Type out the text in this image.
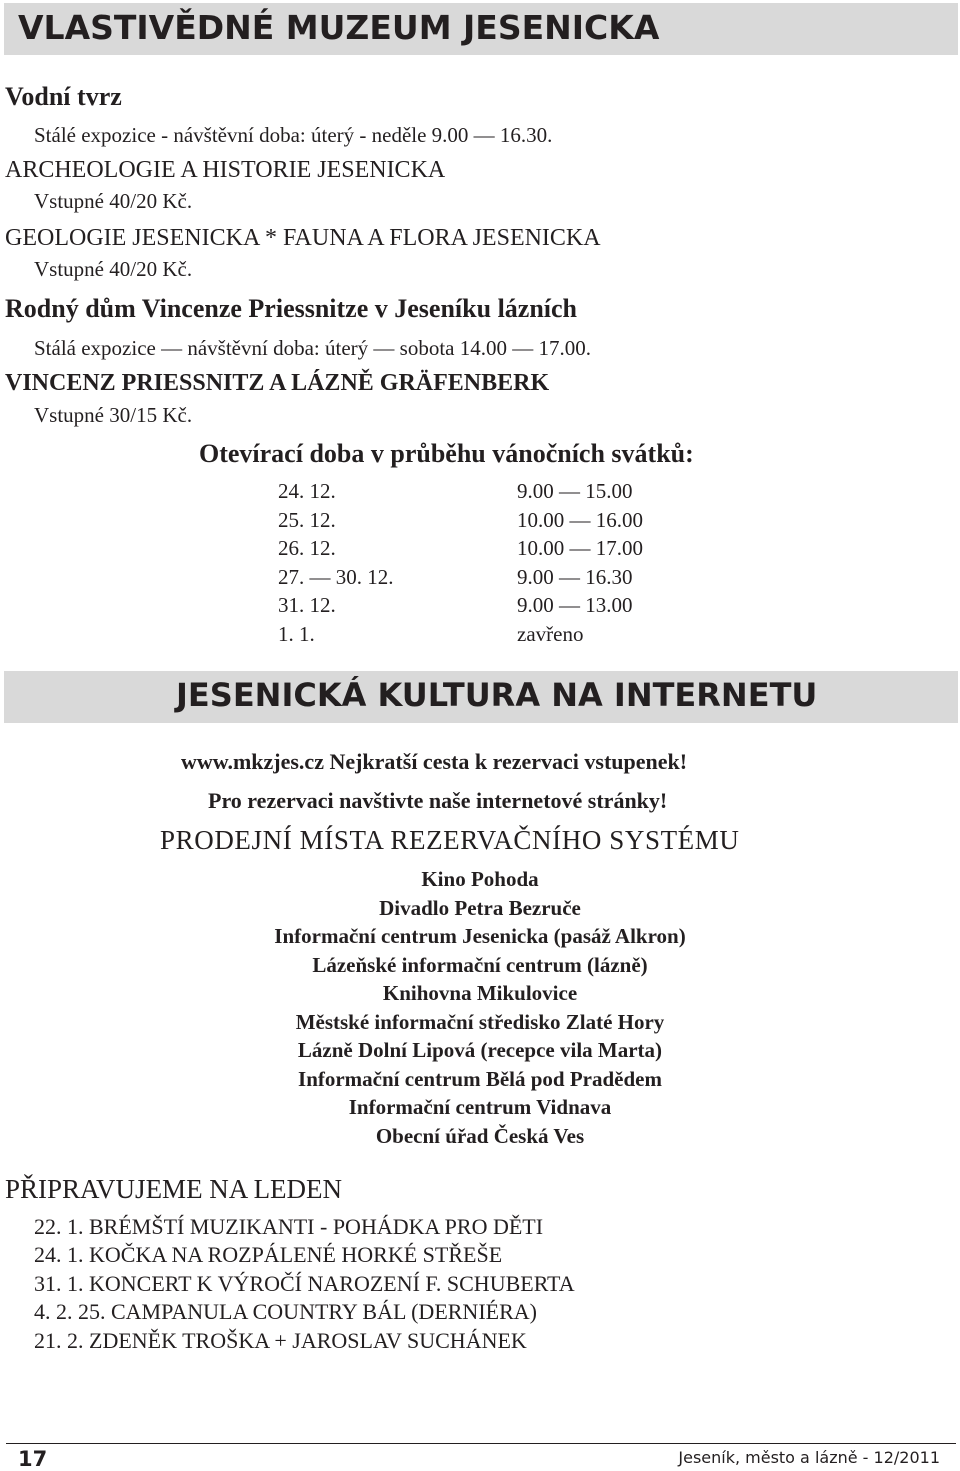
VLASTIVĚDNÉ MUZEUM JESENICKA
Vodní tvrz
Stálé expozice - návštěvní doba: úterý - neděle 9.00 — 16.30.
ARCHEOLOGIE A HISTORIE JESENICKA
Vstupné 40/20 Kč.
GEOLOGIE JESENICKA * FAUNA A FLORA JESENICKA
Vstupné 40/20 Kč.
Rodný dům Vincenze Priessnitze v Jeseníku lázních
Stálá expozice — návštěvní doba: úterý — sobota 14.00 — 17.00.
VINCENZ PRIESSNITZ A LÁZNĚ GRÄFENBERK
Vstupné 30/15 Kč.
Otevírací doba v průběhu vánočních svátků:
24. 12.	9.00 — 15.00
25. 12.	10.00 — 16.00
26. 12.	10.00 — 17.00
27. — 30. 12.	9.00 — 16.30
31. 12.	9.00 — 13.00
1. 1.	zavřeno
JESENICKÁ KULTURA NA INTERNETU
www.mkzjes.cz Nejkratší cesta k rezervaci vstupenek!
Pro rezervaci navštivte naše internetové stránky!
PRODEJNÍ MÍSTA REZERVAČNÍHO SYSTÉMU
Kino Pohoda
Divadlo Petra Bezruče
Informační centrum Jesenicka (pasáž Alkron)
Lázeňské informační centrum (lázně)
Knihovna Mikulovice
Městské informační středisko Zlaté Hory
Lázně Dolní Lipová (recepce vila Marta)
Informační centrum Bělá pod Pradědem
Informační centrum Vidnava
Obecní úřad Česká Ves
PŘIPRAVUJEME NA LEDEN
22. 1. BRÉMŠTÍ MUZIKANTI - POHÁDKA PRO DĚTI
24. 1. KOČKA NA ROZPÁLENÉ HORKÉ STŘEŠE
31. 1. KONCERT K VÝROČÍ NAROZENÍ F. SCHUBERTA
4. 2. 25. CAMPANULA COUNTRY BÁL (DERNIÉRA)
21. 2. ZDENĚK TROŠKA + JAROSLAV SUCHÁNEK
17	Jeseník, město a lázně - 12/2011
